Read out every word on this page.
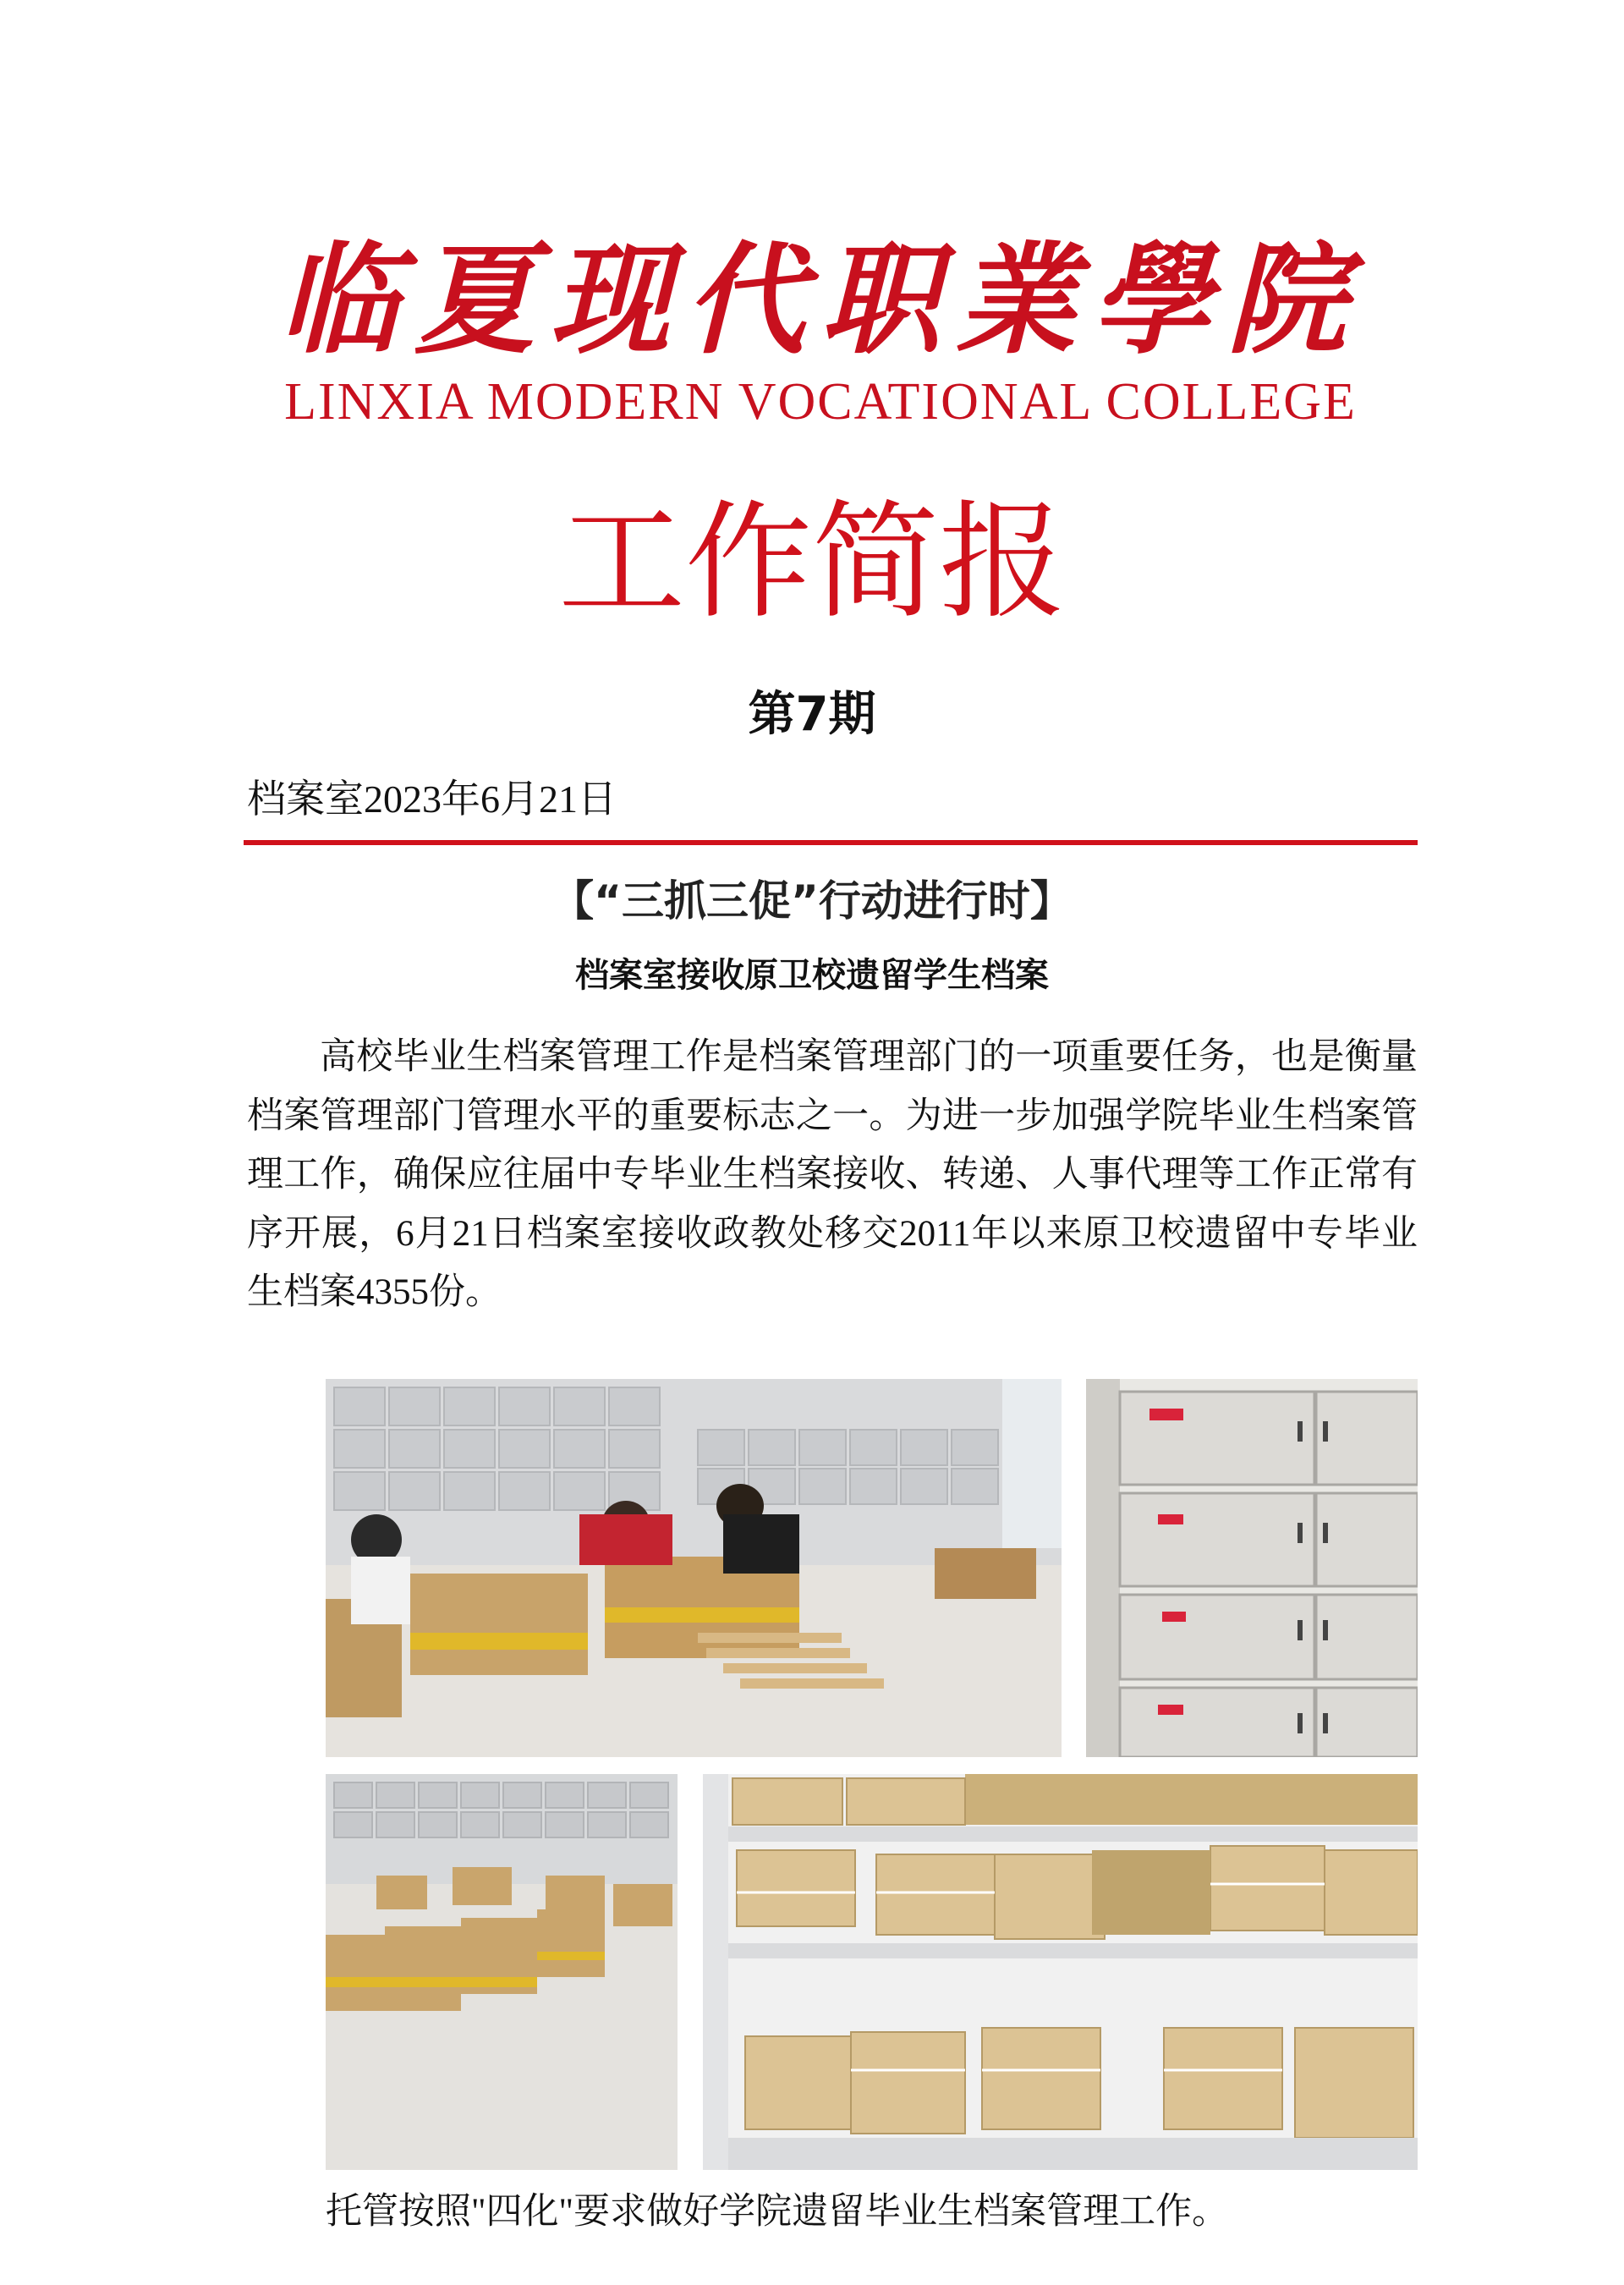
临夏现代职業學院
LINXIA MODERN VOCATIONAL COLLEGE
工作简报
第7期
档案室2023年6月21日
【“三抓三促”行动进行时】
档案室接收原卫校遗留学生档案
高校毕业生档案管理工作是档案管理部门的一项重要任务，也是衡量档案管理部门管理水平的重要标志之一。为进一步加强学院毕业生档案管理工作，确保应往届中专毕业生档案接收、转递、人事代理等工作正常有序开展，6月21日档案室接收政教处移交2011年以来原卫校遗留中专毕业生档案4355份。
托管按照"四化"要求做好学院遗留毕业生档案管理工作。
